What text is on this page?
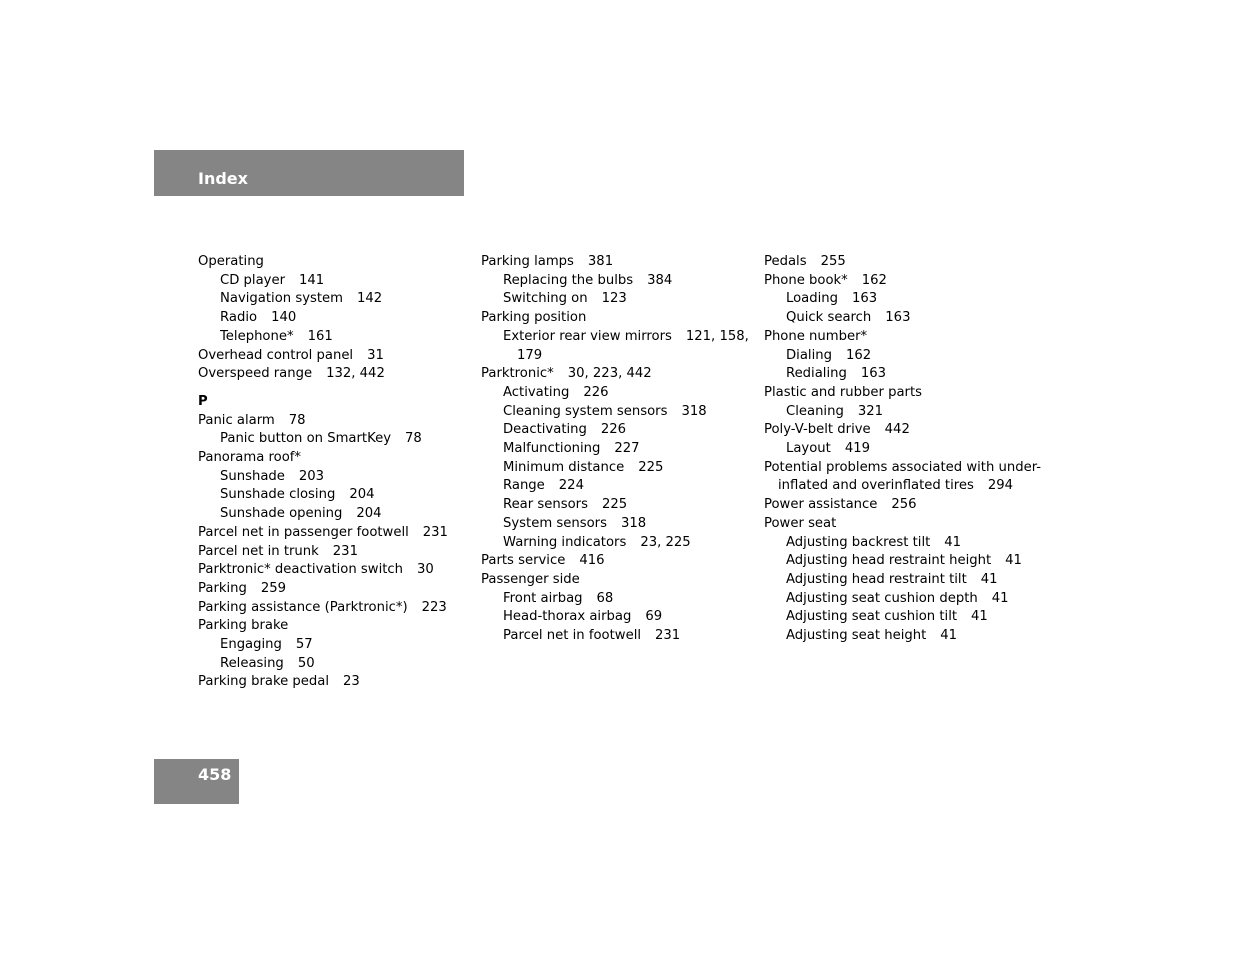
Index
Operating
CD player 141
Navigation system 142
Radio 140
Telephone* 161
Overhead control panel 31
Overspeed range 132, 442
P
Panic alarm 78
Panic button on SmartKey 78
Panorama roof*
Sunshade 203
Sunshade closing 204
Sunshade opening 204
Parcel net in passenger footwell 231
Parcel net in trunk 231
Parktronic* deactivation switch 30
Parking 259
Parking assistance (Parktronic*) 223
Parking brake
Engaging 57
Releasing 50
Parking brake pedal 23
Parking lamps 381
Replacing the bulbs 384
Switching on 123
Parking position
Exterior rear view mirrors 121, 158,
179
Parktronic* 30, 223, 442
Activating 226
Cleaning system sensors 318
Deactivating 226
Malfunctioning 227
Minimum distance 225
Range 224
Rear sensors 225
System sensors 318
Warning indicators 23, 225
Parts service 416
Passenger side
Front airbag 68
Head-thorax airbag 69
Parcel net in footwell 231
Pedals 255
Phone book* 162
Loading 163
Quick search 163
Phone number*
Dialing 162
Redialing 163
Plastic and rubber parts
Cleaning 321
Poly-V-belt drive 442
Layout 419
Potential problems associated with under-
inflated and overinflated tires 294
Power assistance 256
Power seat
Adjusting backrest tilt 41
Adjusting head restraint height 41
Adjusting head restraint tilt 41
Adjusting seat cushion depth 41
Adjusting seat cushion tilt 41
Adjusting seat height 41
458
